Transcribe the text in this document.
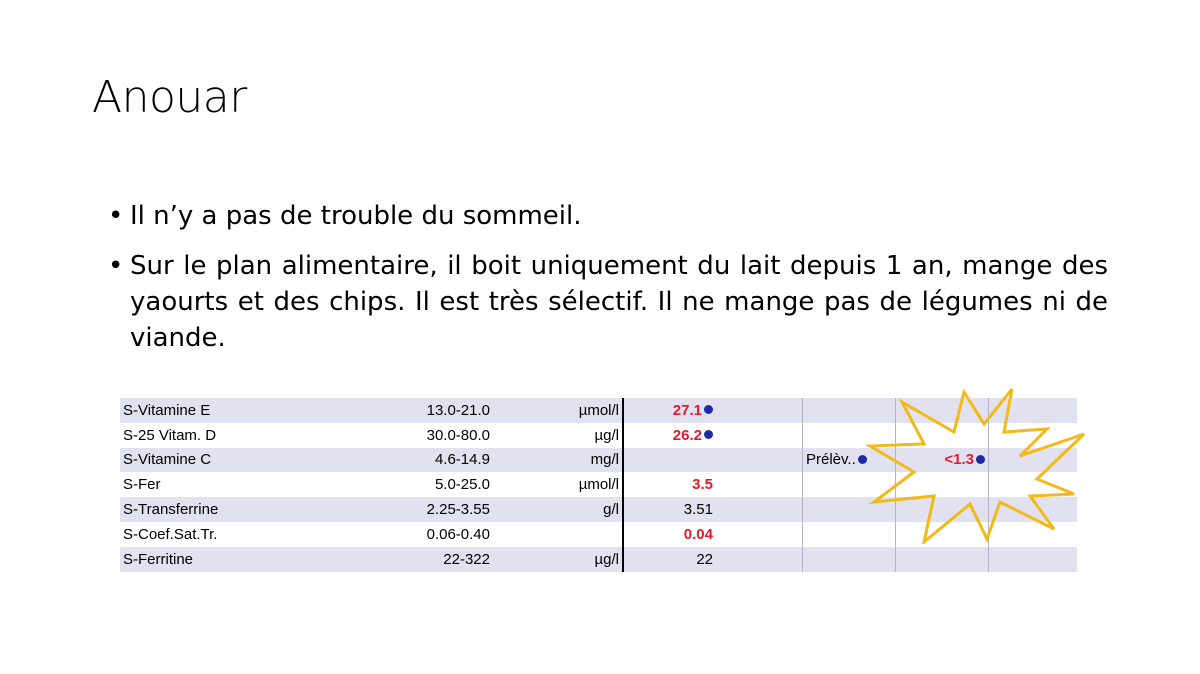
Anouar
• Il n’y a pas de trouble du sommeil.
• Sur le plan alimentaire, il boit uniquement du lait depuis 1 an, mange des yaourts et des chips. Il est très sélectif. Il ne mange pas de légumes ni de viande.
S-Vitamine E	13.0-21.0	µmol/l	27.1				
S-25 Vitam. D	30.0-80.0	µg/l	26.2				
S-Vitamine C	4.6-14.9	mg/l			Prélèv..	<1.3	
S-Fer	5.0-25.0	µmol/l	3.5				
S-Transferrine	2.25-3.55	g/l	3.51				
S-Coef.Sat.Tr.	0.06-0.40		0.04				
S-Ferritine	22-322	µg/l	22				
